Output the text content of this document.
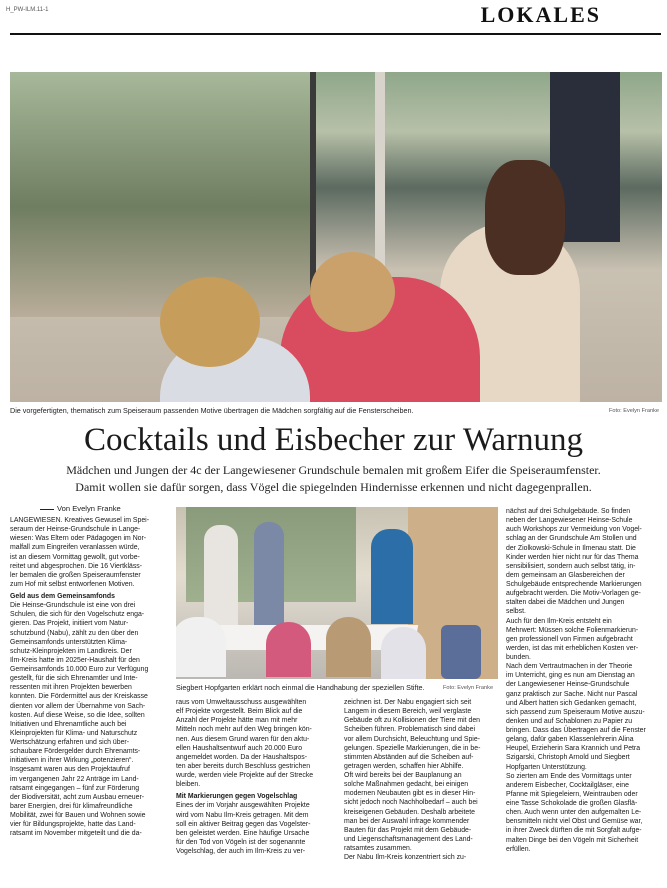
H_PW-ILM.11-1	LOKALES
Die vorgefertigten, thematisch zum Speiseraum passenden Motive übertragen die Mädchen sorgfältig auf die Fensterscheiben.	Foto: Evelyn Franke
Cocktails und Eisbecher zur Warnung
Mädchen und Jungen der 4c der Langewiesener Grundschule bemalen mit großem Eifer die Speiseraumfenster.
Damit wollen sie dafür sorgen, dass Vögel die spiegelnden Hindernisse erkennen und nicht dagegenprallen.
Von Evelyn Franke

LANGEWIESEN. Kreatives Gewusel im Spei-

seraum der Heinse-Grundschule in Lange-

wiesen: Was Eltern oder Pädagogen im Nor-

malfall zum Eingreifen veranlassen würde,

ist an diesem Vormittag gewollt, gut vorbe-

reitet und abgesprochen. Die 16 Viertkläss-

ler bemalen die großen Speiseraumfenster

zum Hof mit selbst entworfenen Motiven.

Geld aus dem Gemeinsamfonds

Die Heinse-Grundschule ist eine von drei

Schulen, die sich für den Vogelschutz enga-

gieren. Das Projekt, initiiert vom Natur-

schutzbund (Nabu), zählt zu den über den

Gemeinsamfonds unterstützten Klima-

schutz-Kleinprojekten im Landkreis. Der

Ilm-Kreis hatte im 2025er-Haushalt für den

Gemeinsamfonds 10.000 Euro zur Verfügung

gestellt, für die sich Ehrenamtler und Inte-

ressenten mit ihren Projekten bewerben

konnten. Die Fördermittel aus der Kreiskasse

dienten vor allem der Übernahme von Sach-

kosten. Auf diese Weise, so die Idee, sollten

Initiativen und Ehrenamtliche auch bei

Kleinprojekten für Klima- und Naturschutz

Wertschätzung erfahren und sich über-

schaubare Fördergelder durch Ehrenamts-

initiativen in ihrer Wirkung „potenzieren“.

Insgesamt waren aus den Projektaufruf

im vergangenen Jahr 22 Anträge im Land-

ratsamt eingegangen – fünf zur Förderung

der Biodiversität, acht zum Ausbau erneuer-

barer Energien, drei für klimafreundliche

Mobilität, zwei für Bauen und Wohnen sowie

vier für Bildungsprojekte, hatte das Land-

ratsamt im November mitgeteilt und die da-

raus vom Umweltausschuss ausgewählten

elf Projekte vorgestellt. Beim Blick auf die

Anzahl der Projekte hätte man mit mehr

Mitteln noch mehr auf den Weg bringen kön-

nen. Aus diesem Grund waren für den aktu-

ellen Haushaltsentwurf auch 20.000 Euro

angemeldet worden. Da der Haushaltspos-

ten aber bereits durch Beschluss gestrichen

wurde, werden viele Projekte auf der Strecke

bleiben.

Mit Markierungen gegen Vogelschlag

Eines der im Vorjahr ausgewählten Projekte

wird vom Nabu Ilm-Kreis getragen. Mit dem

soll ein aktiver Beitrag gegen das Vogelster-

ben geleistet werden. Eine häufige Ursache

für den Tod von Vögeln ist der sogenannte

Vogelschlag, der auch im Ilm-Kreis zu ver-

zeichnen ist. Der Nabu engagiert sich seit

Langem in diesem Bereich, weil verglaste

Gebäude oft zu Kollisionen der Tiere mit den

Scheiben führen. Problematisch sind dabei

vor allem Durchsicht, Beleuchtung und Spie-

gelungen. Spezielle Markierungen, die in be-

stimmten Abständen auf die Scheiben auf-

getragen werden, schaffen hier Abhilfe.

Oft wird bereits bei der Bauplanung an

solche Maßnahmen gedacht, bei einigen

modernen Neubauten gibt es in dieser Hin-

sicht jedoch noch Nachholbedarf – auch bei

kreiseigenen Gebäuden. Deshalb arbeitete

man bei der Auswahl infrage kommender

Bauten für das Projekt mit dem Gebäude-

und Liegenschaftsmanagement des Land-

ratsamtes zusammen.

Der Nabu Ilm-Kreis konzentriert sich zu-

nächst auf drei Schulgebäude. So finden

neben der Langewiesener Heinse-Schule

auch Workshops zur Vermeidung von Vogel-

schlag an der Grundschule Am Stollen und

der Ziolkowski-Schule in Ilmenau statt. Die

Kinder werden hier nicht nur für das Thema

sensibilisiert, sondern auch selbst tätig, in-

dem gemeinsam an Glasbereichen der

Schulgebäude entsprechende Markierungen

aufgebracht werden. Die Motiv-Vorlagen ge-

stalten dabei die Mädchen und Jungen

selbst.

Auch für den Ilm-Kreis entsteht ein

Mehrwert: Müssen solche Folienmarkierun-

gen professionell von Firmen aufgebracht

werden, ist das mit erheblichen Kosten ver-

bunden.

Nach dem Vertrautmachen in der Theorie

im Unterricht, ging es nun am Dienstag an

der Langewiesener Heinse-Grundschule

ganz praktisch zur Sache. Nicht nur Pascal

und Albert hatten sich Gedanken gemacht,

sich passend zum Speiseraum Motive auszu-

denken und auf Schablonen zu Papier zu

bringen. Dass das Übertragen auf die Fenster

gelang, dafür gaben Klassenlehrerin Alina

Heupel, Erzieherin Sara Krannich und Petra

Szigarski, Christoph Arnold und Siegbert

Hopfgarten Unterstützung.

So zierten am Ende des Vormittags unter

anderem Eisbecher, Cocktailgläser, eine

Pfanne mit Spiegeleiern, Weintrauben oder

eine Tasse Schokolade die großen Glasflä-

chen. Auch wenn unter den aufgemalten Le-

bensmitteln nicht viel Obst und Gemüse war,

in ihrer Zweck dürften die mit Sorgfalt aufge-

malten Dinge bei den Vögeln mit Sicherheit

erfüllen.

Siegbert Hopfgarten erklärt noch einmal die Handhabung der speziellen Stifte.	Foto: Evelyn Franke
